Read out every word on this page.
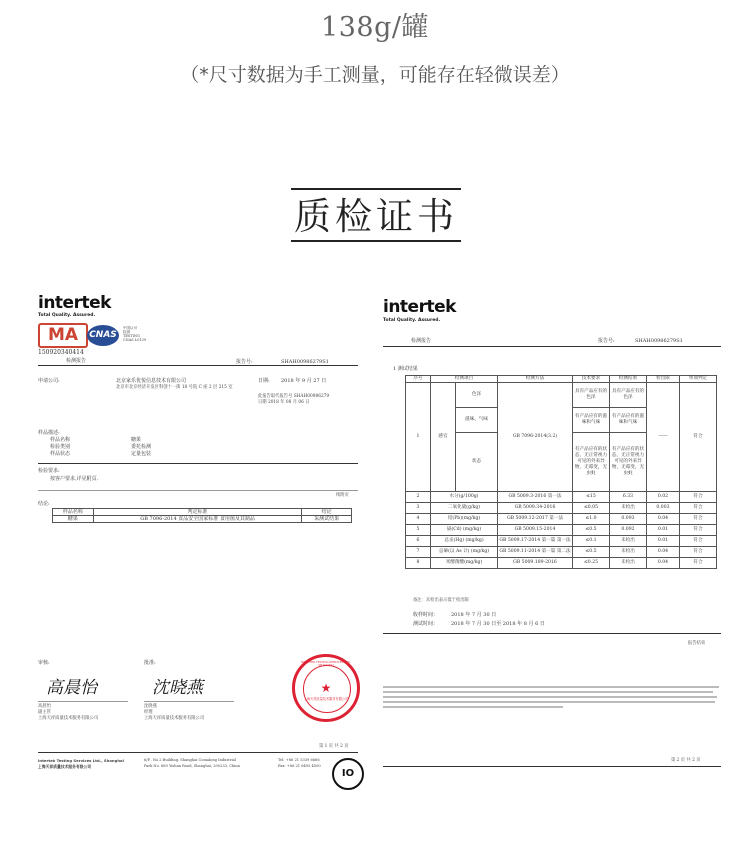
138g/罐
（*尺寸数据为手工测量，可能存在轻微误差）
质检证书
intertek
Total Quality. Assured.
MA	CNAS
中国认可
检测
TESTING
CNAS L0139
150920340414
检测报告	报告号:	SHAH00986279S1
申请公司:	北京家乐优悦信息技术有限公司
北京市北京经济开发区科创十一街 18 号院 C 座 2 层 215 室
日期: 2018 年 9 月 27 日
此报告取代报告号 SHAH00986279
日期 2018 年 08 月 06 日
样品描述:
样品名称	糖果
检验类别	委托检测
样品状态	定量包装
检验要求:
按客户要求,详见附页.
续附页
结论:
样品名称	判定标准	结论
糖果	GB 7096-2014 食品安全国家标准 食用菌及其制品	采测试结果
审核:
高晨怡
高晨怡
副主管
上海天祥质量技术服务有限公司
批准:
沈晓燕
沈晓燕
经理
上海天祥质量技术服务有限公司
★
上海天祥质量技术服务有限公司
INTERTEK TESTING SERVICES LTD., SHANGHAI
第 1 页 共 2 页
Intertek Testing Services Ltd., Shanghai
上海天祥质量技术服务有限公司
6/F., No.2 Building, Shanghai Comalong Industrial
Park No. 889 Yishan Road, Shanghai, 200233, China
Tel: +86 21 5339 6666
Fax: +86 21 6495 4500
IO
intertek
Total Quality. Assured.
检测报告	报告号:	SHAH00986279S1
1 测试结果
序号	检测项目		检测方法	技术要求	检测结果	检出限	单项判定
1	感官	色泽	GB 7096-2014(3.2)	具有产品应有的色泽	具有产品应有的色泽	——	符合
		滋味、气味		有产品应有的滋味和气味	有产品应有的滋味和气味		
		状态		有产品应有的状态，无正常视力可见的外来异物，无霉变，无虫蛀	有产品应有的状态，无正常视力可见的外来异物，无霉变，无虫蛀		
2	水分(g/100g)		GB 5009.3-2016 第一法	≤15	6.33	0.02	符合
3	二氧化硫(g/kg)		GB 5009.34-2016	≤0.05	未检出	0.003	符合
4	铅(Pb)(mg/kg)		GB 5009.12-2017 第一法	≤1.0	0.093	0.04	符合
5	镉(Cd) (mg/kg)		GB 5009.15-2014	≤0.5	0.092	0.01	符合
6	总汞(Hg) (mg/kg)		GB 5009.17-2014 第一篇 第一法	≤0.1	未检出	0.01	符合
7	总砷(以 As 计) (mg/kg)		GB 5009.11-2014 第一篇 第二法	≤0.5	未检出	0.04	符合
8	米酵菌酸(mg/kg)		GB 5009.189-2016	≤0.25	未检出	0.04	符合
备注：未检出表示低于检出限
收样时间：	2018 年 7 月 30 日
测试时间：	2018 年 7 月 30 日至 2018 年 8 月 6 日
报告结束
第 2 页 共 2 页
